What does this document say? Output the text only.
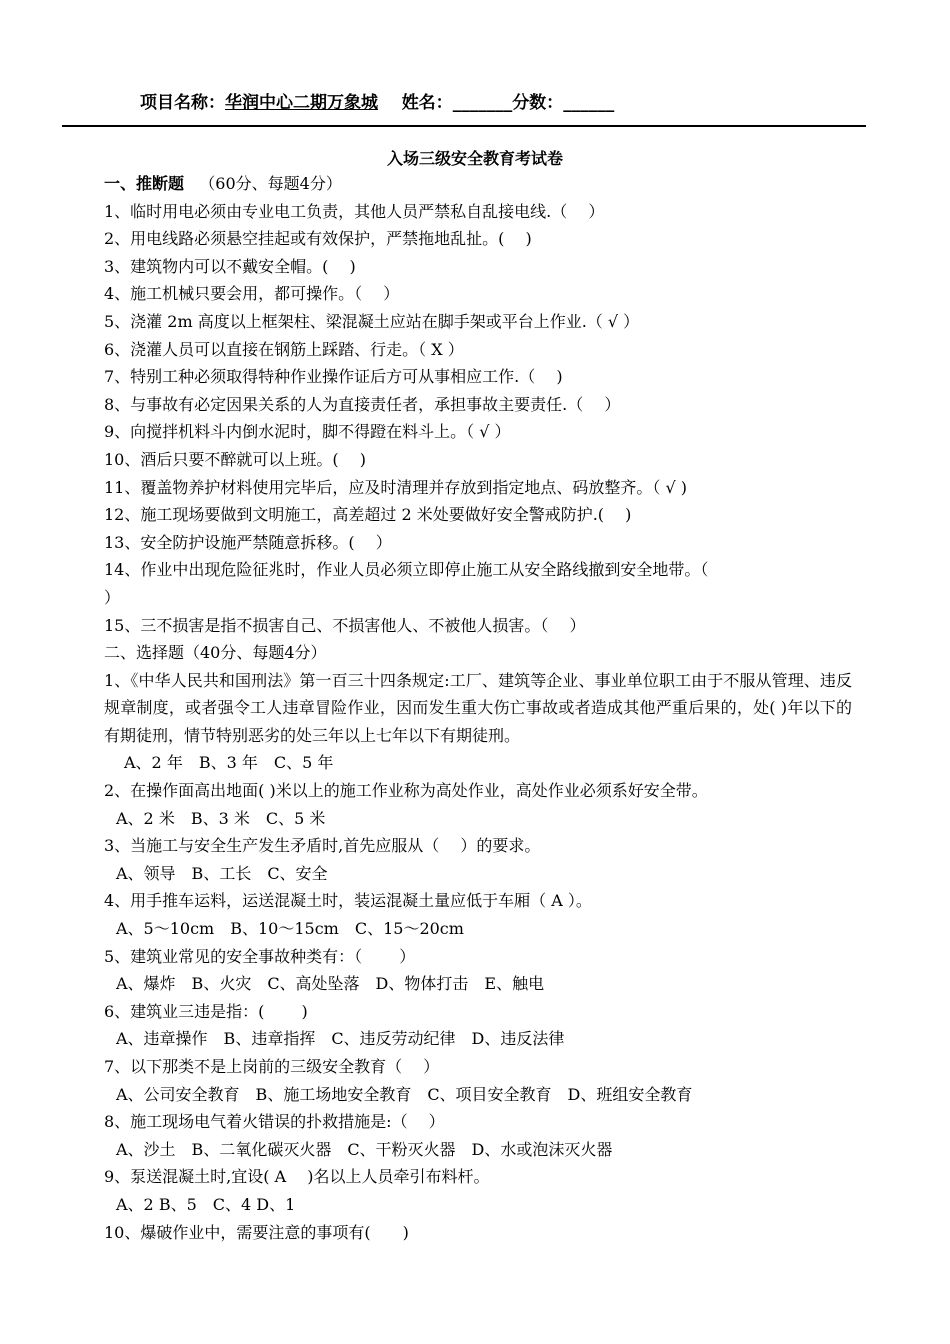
项目名称：华润中心二期万象城 姓名：_______分数：______
入场三级安全教育考试卷
一、推断题 （60分、每题4分）
1、临时用电必须由专业电工负责，其他人员严禁私自乱接电线.（　 ）
2、用电线路必须悬空挂起或有效保护，严禁拖地乱扯。(　 )
3、建筑物内可以不戴安全帽。(　 )
4、施工机械只要会用，都可操作。（　 ）
5、浇灌 2m 高度以上框架柱、梁混凝土应站在脚手架或平台上作业.（ √ ）
6、浇灌人员可以直接在钢筋上踩踏、行走。（ X ）
7、特别工种必须取得特种作业操作证后方可从事相应工作.（　 )
8、与事故有必定因果关系的人为直接责任者，承担事故主要责任.（　 ）
9、向搅拌机料斗内倒水泥时，脚不得蹬在料斗上。（ √ ）
10、酒后只要不醉就可以上班。(　 )
11、覆盖物养护材料使用完毕后，应及时清理并存放到指定地点、码放整齐。（ √ )
12、施工现场要做到文明施工，高差超过 2 米处要做好安全警戒防护.(　 )
13、安全防护设施严禁随意拆移。(　 ）
14、作业中出现危险征兆时，作业人员必须立即停止施工从安全路线撤到安全地带。（
）
15、三不损害是指不损害自己、不损害他人、不被他人损害。（　 ）
二、选择题（40分、每题4分）
1、《中华人民共和国刑法》第一百三十四条规定:工厂、建筑等企业、事业单位职工由于不服从管理、违反规章制度，或者强令工人违章冒险作业，因而发生重大伤亡事故或者造成其他严重后果的，处( )年以下的有期徒刑，情节特别恶劣的处三年以上七年以下有期徒刑。
A、2 年　B、3 年　C、5 年
2、在操作面高出地面( )米以上的施工作业称为高处作业，高处作业必须系好安全带。
A、2 米　B、3 米　C、5 米
3、当施工与安全生产发生矛盾时,首先应服从（　 ）的要求。
A、领导　B、工长　C、安全
4、用手推车运料，运送混凝土时，装运混凝土量应低于车厢（ A ）。
A、5～10cm　B、10～15cm　C、15～20cm
5、建筑业常见的安全事故种类有：（　　 ）
A、爆炸　B、火灾　C、高处坠落　D、物体打击　E、触电
6、建筑业三违是指：(　　 )
A、违章操作　B、违章指挥　C、违反劳动纪律　D、违反法律
7、以下那类不是上岗前的三级安全教育（　 ）
A、公司安全教育　B、施工场地安全教育　C、项目安全教育　D、班组安全教育
8、施工现场电气着火错误的扑救措施是:（　 ）
A、沙土　B、二氧化碳灭火器　C、干粉灭火器　D、水或泡沫灭火器
9、泵送混凝土时,宜设( A　 )名以上人员牵引布料杆。
A、2 B、5　C、4 D、1
10、爆破作业中，需要注意的事项有(　　)
